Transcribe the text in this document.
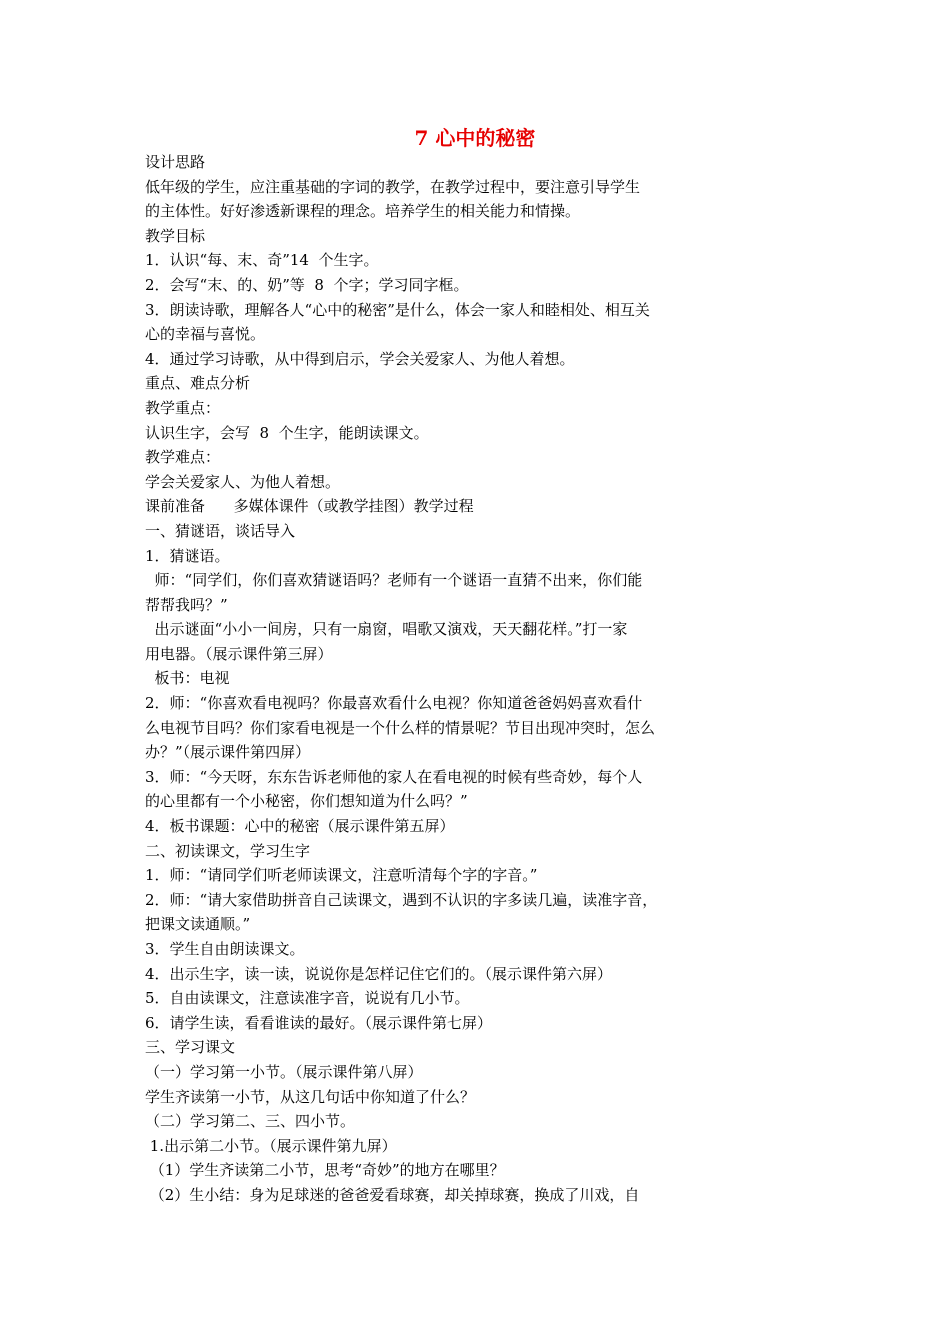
7 心中的秘密
设计思路
低年级的学生，应注重基础的字词的教学，在教学过程中，要注意引导学生
的主体性。好好渗透新课程的理念。培养学生的相关能力和情操。
教学目标
1．认识“每、末、奇”14  个生字。
2．会写“末、的、奶”等  8  个字；学习同字框。
3．朗读诗歌，理解各人“心中的秘密”是什么，体会一家人和睦相处、相互关
心的幸福与喜悦。
4．通过学习诗歌，从中得到启示，学会关爱家人、为他人着想。
重点、难点分析
教学重点：
认识生字，会写  8  个生字，能朗读课文。
教学难点：
学会关爱家人、为他人着想。
课前准备      多媒体课件（或教学挂图）教学过程
一、猜谜语，谈话导入
1．猜谜语。
师：“同学们，你们喜欢猜谜语吗？老师有一个谜语一直猜不出来，你们能
帮帮我吗？”
出示谜面“小小一间房，只有一扇窗，唱歌又演戏，天天翻花样。”打一家
用电器。（展示课件第三屏）
板书：电视
2．师：“你喜欢看电视吗？你最喜欢看什么电视？你知道爸爸妈妈喜欢看什
么电视节目吗？你们家看电视是一个什么样的情景呢？节目出现冲突时，怎么
办？”（展示课件第四屏）
3．师：“今天呀，东东告诉老师他的家人在看电视的时候有些奇妙，每个人
的心里都有一个小秘密，你们想知道为什么吗？”
4．板书课题：心中的秘密（展示课件第五屏）
二、初读课文，学习生字
1．师：“请同学们听老师读课文，注意听清每个字的字音。”
2．师：“请大家借助拼音自己读课文，遇到不认识的字多读几遍，读准字音，
把课文读通顺。”
3．学生自由朗读课文。
4．出示生字，读一读，说说你是怎样记住它们的。（展示课件第六屏）
5．自由读课文，注意读准字音，说说有几小节。
6．请学生读，看看谁读的最好。（展示课件第七屏）
三、学习课文
（一）学习第一小节。（展示课件第八屏）
学生齐读第一小节，从这几句话中你知道了什么？
（二）学习第二、三、四小节。
1.出示第二小节。（展示课件第九屏）
（1）学生齐读第二小节，思考“奇妙”的地方在哪里？
（2）生小结：身为足球迷的爸爸爱看球赛，却关掉球赛，换成了川戏，自
